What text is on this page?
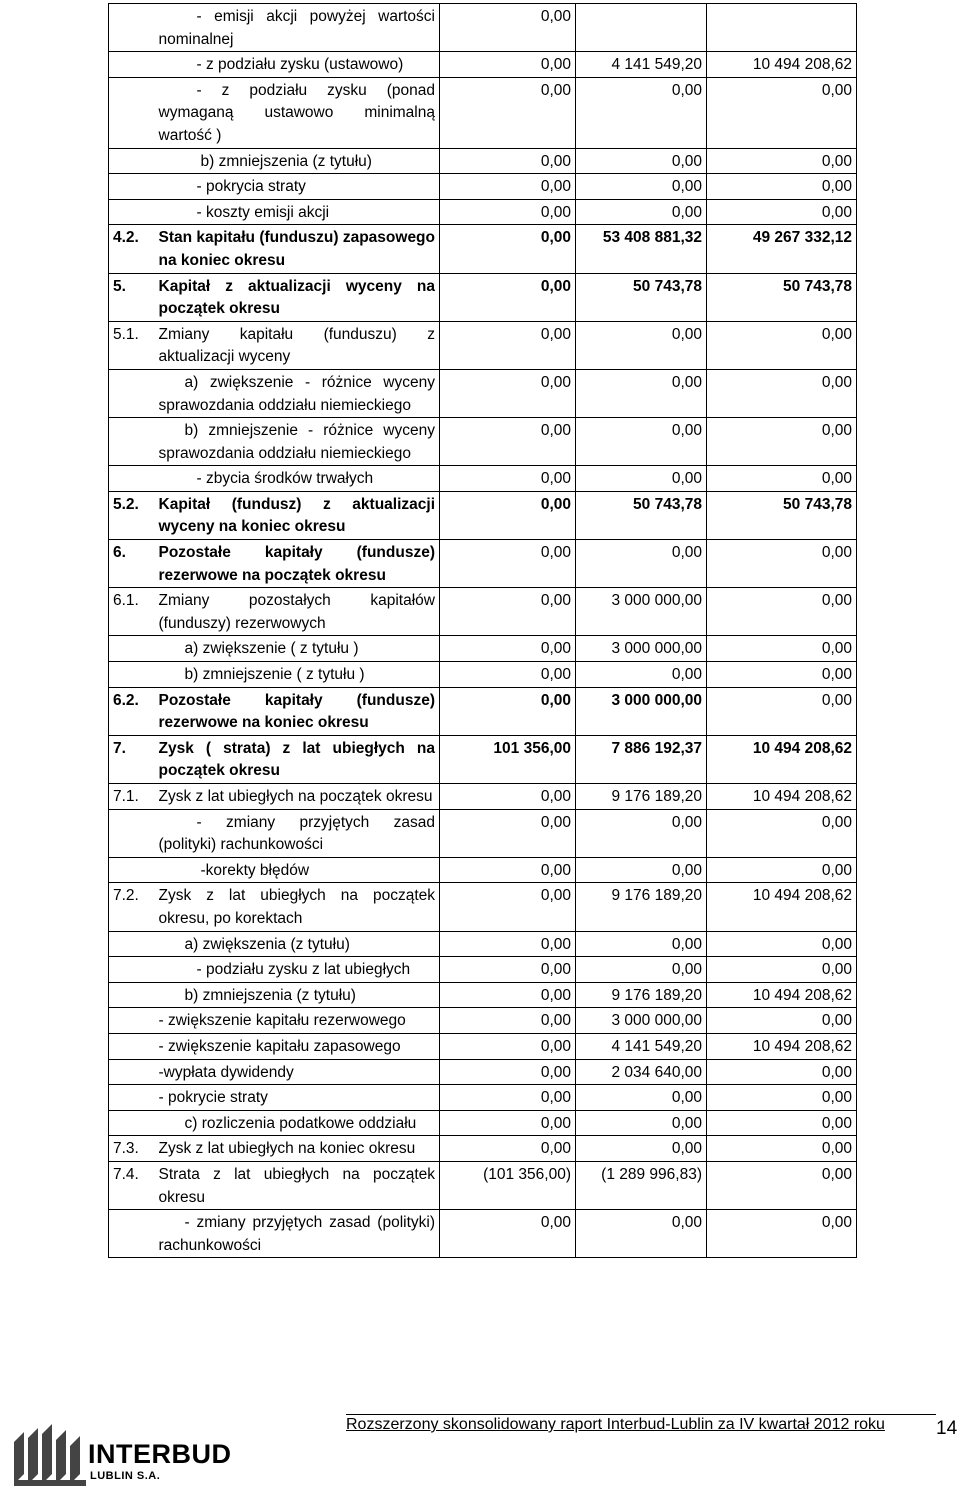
	- emisji akcji powyżej wartości nominalnej	0,00		
	- z podziału zysku (ustawowo)	0,00	4 141 549,20	10 494 208,62
	- z podziału zysku (ponad wymaganą ustawowo minimalną wartość )	0,00	0,00	0,00
	b) zmniejszenia (z tytułu)	0,00	0,00	0,00
	- pokrycia straty	0,00	0,00	0,00
	- koszty emisji akcji	0,00	0,00	0,00
4.2.	Stan kapitału (funduszu) zapasowego na koniec okresu	0,00	53 408 881,32	49 267 332,12
5.	Kapitał z aktualizacji wyceny na początek okresu	0,00	50 743,78	50 743,78
5.1.	Zmiany kapitału (funduszu) z aktualizacji wyceny	0,00	0,00	0,00
	a) zwiększenie - różnice wyceny sprawozdania oddziału niemieckiego	0,00	0,00	0,00
	b) zmniejszenie - różnice wyceny sprawozdania oddziału niemieckiego	0,00	0,00	0,00
	- zbycia środków trwałych	0,00	0,00	0,00
5.2.	Kapitał (fundusz) z aktualizacji wyceny na koniec okresu	0,00	50 743,78	50 743,78
6.	Pozostałe kapitały (fundusze) rezerwowe na początek okresu	0,00	0,00	0,00
6.1.	Zmiany pozostałych kapitałów (funduszy) rezerwowych	0,00	3 000 000,00	0,00
	a) zwiększenie ( z tytułu )	0,00	3 000 000,00	0,00
	b) zmniejszenie ( z tytułu )	0,00	0,00	0,00
6.2.	Pozostałe kapitały (fundusze) rezerwowe na koniec okresu	0,00	3 000 000,00	0,00
7.	Zysk ( strata) z lat ubiegłych na początek okresu	101 356,00	7 886 192,37	10 494 208,62
7.1.	Zysk z lat ubiegłych na początek okresu	0,00	9 176 189,20	10 494 208,62
	- zmiany przyjętych zasad (polityki) rachunkowości	0,00	0,00	0,00
	-korekty błędów	0,00	0,00	0,00
7.2.	Zysk z lat ubiegłych na początek okresu, po korektach	0,00	9 176 189,20	10 494 208,62
	a) zwiększenia (z tytułu)	0,00	0,00	0,00
	- podziału zysku z lat ubiegłych	0,00	0,00	0,00
	b) zmniejszenia (z tytułu)	0,00	9 176 189,20	10 494 208,62
	- zwiększenie kapitału rezerwowego	0,00	3 000 000,00	0,00
	- zwiększenie kapitału zapasowego	0,00	4 141 549,20	10 494 208,62
	-wypłata dywidendy	0,00	2 034 640,00	0,00
	- pokrycie straty	0,00	0,00	0,00
	c) rozliczenia podatkowe oddziału	0,00	0,00	0,00
7.3.	Zysk z lat ubiegłych na koniec okresu	0,00	0,00	0,00
7.4.	Strata z lat ubiegłych na początek okresu	(101 356,00)	(1 289 996,83)	0,00
	- zmiany przyjętych zasad (polityki) rachunkowości	0,00	0,00	0,00
Rozszerzony skonsolidowany raport Interbud-Lublin za IV kwartał 2012 roku	14
INTERBUD
LUBLIN S.A.
